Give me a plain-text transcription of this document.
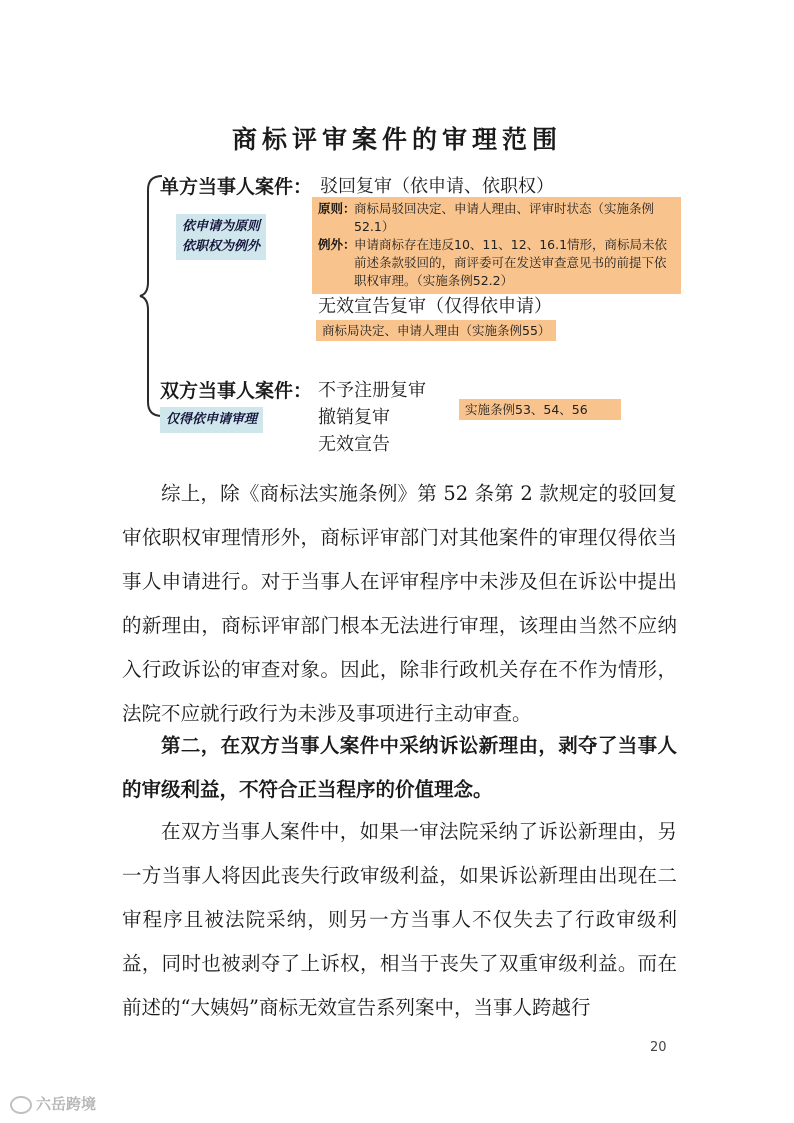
商标评审案件的审理范围
单方当事人案件： 驳回复审（依申请、依职权）
依申请为原则
依职权为例外
原则：
商标局驳回决定、申请人理由、评审时状态（实施条例52.1）
例外：
申请商标存在违反10、11、12、16.1情形，商标局未依前述条款驳回的，商评委可在发送审查意见书的前提下依职权审理。（实施条例52.2）
无效宣告复审（仅得依申请）
商标局决定、申请人理由（实施条例55）
双方当事人案件： 不予注册复审
撤销复审
无效宣告
仅得依申请审理
实施条例53、54、56
综上，除《商标法实施条例》第 52 条第 2 款规定的驳回复审依职权审理情形外，商标评审部门对其他案件的审理仅得依当事人申请进行。对于当事人在评审程序中未涉及但在诉讼中提出的新理由，商标评审部门根本无法进行审理，该理由当然不应纳入行政诉讼的审查对象。因此，除非行政机关存在不作为情形，法院不应就行政行为未涉及事项进行主动审查。
第二，在双方当事人案件中采纳诉讼新理由，剥夺了当事人的审级利益，不符合正当程序的价值理念。
在双方当事人案件中，如果一审法院采纳了诉讼新理由，另一方当事人将因此丧失行政审级利益，如果诉讼新理由出现在二审程序且被法院采纳，则另一方当事人不仅失去了行政审级利益，同时也被剥夺了上诉权，相当于丧失了双重审级利益。而在前述的“大姨妈”商标无效宣告系列案中，当事人跨越行
20
六岳跨境
